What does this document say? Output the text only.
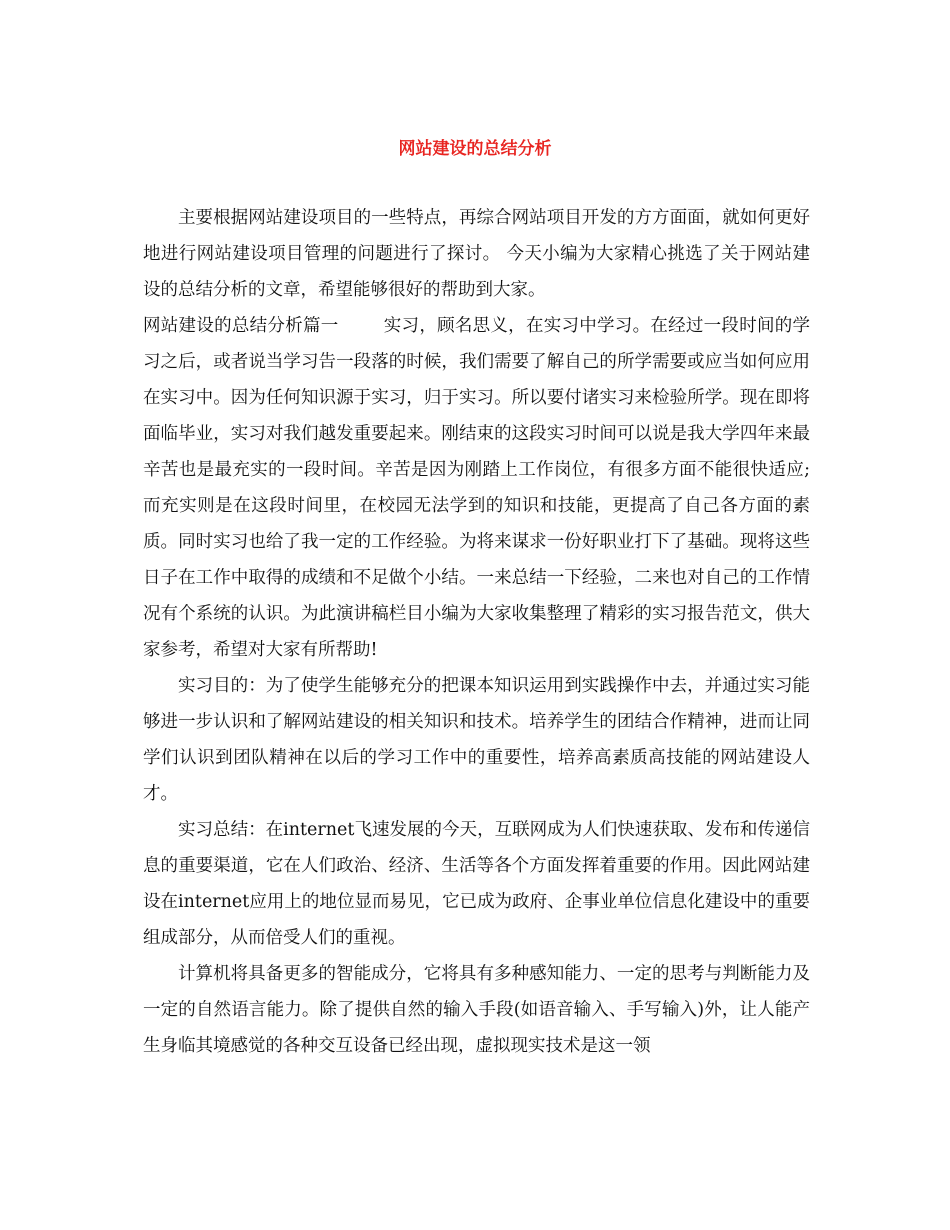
网站建设的总结分析

主要根据网站建设项目的一些特点，再综合网站项目开发的方方面面，就如何更好地进行网站建设项目管理的问题进行了探讨。 今天小编为大家精心挑选了关于网站建设的总结分析的文章，希望能够很好的帮助到大家。

网站建设的总结分析篇一	实习，顾名思义，在实习中学习。在经过一段时间的学习之后，或者说当学习告一段落的时候，我们需要了解自己的所学需要或应当如何应用在实习中。因为任何知识源于实习，归于实习。所以要付诸实习来检验所学。现在即将面临毕业，实习对我们越发重要起来。刚结束的这段实习时间可以说是我大学四年来最辛苦也是最充实的一段时间。辛苦是因为刚踏上工作岗位，有很多方面不能很快适应;而充实则是在这段时间里，在校园无法学到的知识和技能，更提高了自己各方面的素质。同时实习也给了我一定的工作经验。为将来谋求一份好职业打下了基础。现将这些日子在工作中取得的成绩和不足做个小结。一来总结一下经验，二来也对自己的工作情况有个系统的认识。为此演讲稿栏目小编为大家收集整理了精彩的实习报告范文，供大家参考，希望对大家有所帮助!

实习目的：为了使学生能够充分的把课本知识运用到实践操作中去，并通过实习能够进一步认识和了解网站建设的相关知识和技术。培养学生的团结合作精神，进而让同学们认识到团队精神在以后的学习工作中的重要性，培养高素质高技能的网站建设人才。

实习总结：在internet飞速发展的今天，互联网成为人们快速获取、发布和传递信息的重要渠道，它在人们政治、经济、生活等各个方面发挥着重要的作用。因此网站建设在internet应用上的地位显而易见，它已成为政府、企事业单位信息化建设中的重要组成部分，从而倍受人们的重视。

计算机将具备更多的智能成分，它将具有多种感知能力、一定的思考与判断能力及一定的自然语言能力。除了提供自然的输入手段(如语音输入、手写输入)外，让人能产生身临其境感觉的各种交互设备已经出现，虚拟现实技术是这一领
